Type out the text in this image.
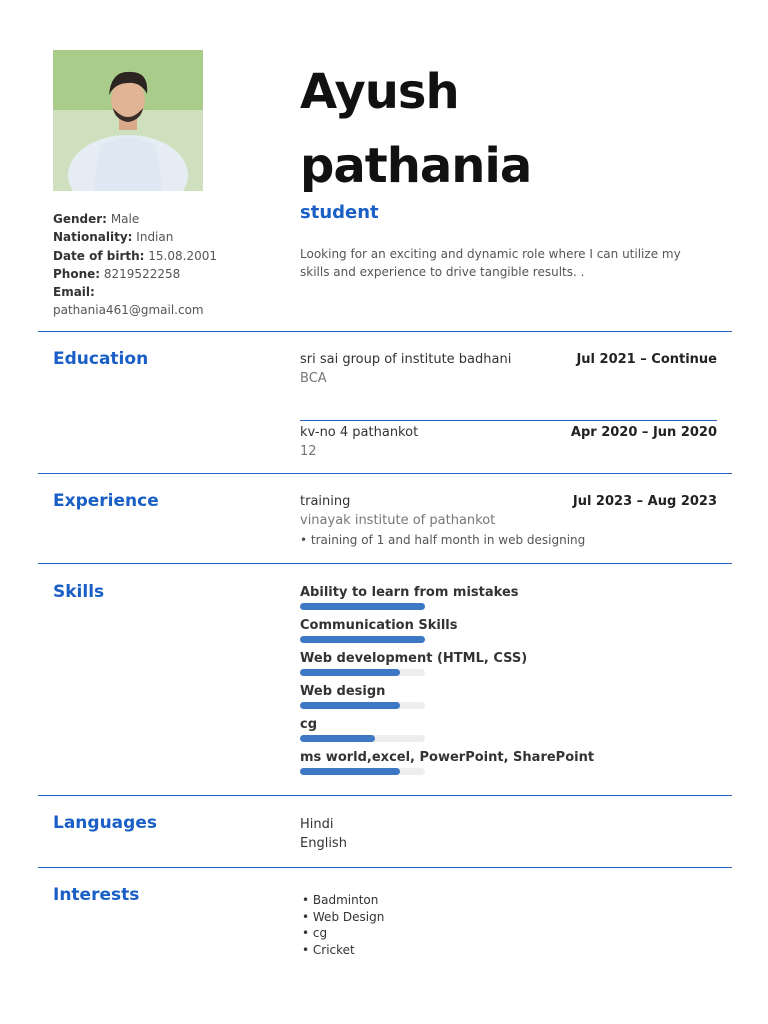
Gender: Male
Nationality: Indian
Date of birth: 15.08.2001
Phone: 8219522258
Email:
pathania461@gmail.com
Ayush
pathania
student
Looking for an exciting and dynamic role where I can utilize my skills and experience to drive tangible results. .
Education	sri sai group of institute badhani	Jul 2021 – Continue
BCA
kv-no 4 pathankot	Apr 2020 – Jun 2020
12
Experience	training	Jul 2023 – Aug 2023
vinayak institute of pathankot
• training of 1 and half month in web designing
Skills	Ability to learn from mistakes
Communication Skills
Web development (HTML, CSS)
Web design
cg
ms world,excel, PowerPoint, SharePoint
Languages	Hindi
English
Interests	• Badminton
• Web Design
• cg
• Cricket
